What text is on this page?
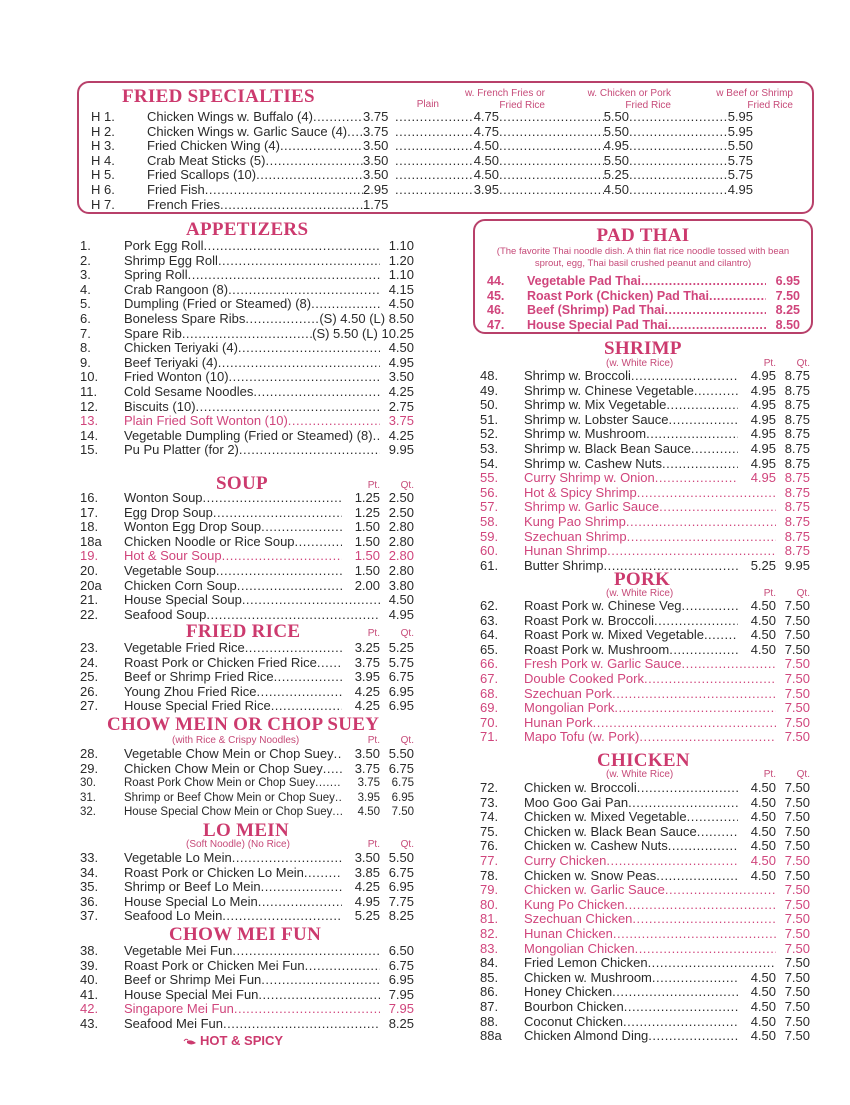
FRIED SPECIALTIES	Plain
w. French Fries or Fried Rice
w. Chicken or Pork Fried Rice
w Beef or Shrimp Fried Rice
H 1.	Chicken Wings w. Buffalo (4) .....	3.75 .....	4.75 .....	5.50 .....	5.95
H 2.	Chicken Wings w. Garlic Sauce (4) ..... 3.75 .....	4.75 .....	5.50 .....	5.95
H 3.	Fried Chicken Wing (4) .....	3.50 .....	4.50 .....	4.95 .....	5.50
H 4.	Crab Meat Sticks (5) .....	3.50 .....	4.50 .....	5.50 .....	5.75
H 5.	Fried Scallops (10) .....	3.50 .....	4.50 .....	5.25 .....	5.75
H 6.	Fried Fish .....	2.95 .....	3.95 .....	4.50 .....	4.95
H 7.	French Fries .....	1.75
APPETIZERS
1.	Pork Egg Roll .....	1.10
2.	Shrimp Egg Roll .....	1.20
3.	Spring Roll .....	1.10
4.	Crab Rangoon (8) .....	4.15
5.	Dumpling (Fried or Steamed) (8) .....	4.50
6.	Boneless Spare Ribs .....	(S) 4.50 (L) 8.50
7.	Spare Rib .....	(S) 5.50 (L) 10.25
8.	Chicken Teriyaki (4) .....	4.50
9.	Beef Teriyaki (4) .....	4.95
10.	Fried Wonton (10) .....	3.50
11.	Cold Sesame Noodles .....	4.25
12.	Biscuits (10) .....	2.75
13.	Plain Fried Soft Wonton (10) .....	3.75
14.	Vegetable Dumpling (Fried or Steamed) (8) .....	4.25
15.	Pu Pu Platter (for 2) .....	9.95
SOUP	Pt.	Qt.
16.	Wonton Soup .....	1.25 2.50
17.	Egg Drop Soup .....	1.25 2.50
18.	Wonton Egg Drop Soup .....	1.50 2.80
18a	Chicken Noodle or Rice Soup .....	1.50 2.80
19.	Hot & Sour Soup .....	1.50 2.80
20.	Vegetable Soup .....	1.50 2.80
20a	Chicken Corn Soup .....	2.00 3.80
21.	House Special Soup .....	4.50
22.	Seafood Soup .....	4.95
FRIED RICE	Pt.	Qt.
23.	Vegetable Fried Rice .....	3.25 5.25
24.	Roast Pork or Chicken Fried Rice .....	3.75 5.75
25.	Beef or Shrimp Fried Rice .....	3.95 6.75
26.	Young Zhou Fried Rice .....	4.25 6.95
27.	House Special Fried Rice .....	4.25 6.95
CHOW MEIN OR CHOP SUEY
(with Rice & Crispy Noodles)	Pt.	Qt.
28.	Vegetable Chow Mein or Chop Suey .....	3.50 5.50
29.	Chicken Chow Mein or Chop Suey .....	3.75 6.75
30.	Roast Pork Chow Mein or Chop Suey .....	3.75	6.75
31.	Shrimp or Beef Chow Mein or Chop Suey .....	3.95	6.95
32.	House Special Chow Mein or Chop Suey .....	4.50	7.50
LO MEIN
(Soft Noodle) (No Rice)	Pt.	Qt.
33.	Vegetable Lo Mein .....	3.50 5.50
34.	Roast Pork or Chicken Lo Mein .....	3.85 6.75
35.	Shrimp or Beef Lo Mein .....	4.25 6.95
36.	House Special Lo Mein .....	4.95 7.75
37.	Seafood Lo Mein .....	5.25 8.25
CHOW MEI FUN
38.	Vegetable Mei Fun .....	6.50
39.	Roast Pork or Chicken Mei Fun .....	6.75
40.	Beef or Shrimp Mei Fun .....	6.95
41.	House Special Mei Fun .....	7.95
42.	Singapore Mei Fun .....	7.95
43.	Seafood Mei Fun .....	8.25
HOT & SPICY
PAD THAI
(The favorite Thai noodle dish. A thin flat rice noodle tossed with bean sprout, egg, Thai basil crushed peanut and cilantro)
44.	Vegetable Pad Thai .....	6.95
45.	Roast Pork (Chicken) Pad Thai .....	7.50
46.	Beef (Shrimp) Pad Thai .....	8.25
47.	House Special Pad Thai .....	8.50
SHRIMP
(w. White Rice)	Pt.	Qt.
48.	Shrimp w. Broccoli .....	4.95 8.75
49.	Shrimp w. Chinese Vegetable .....	4.95 8.75
50.	Shrimp w. Mix Vegetable .....	4.95 8.75
51.	Shrimp w. Lobster Sauce .....	4.95 8.75
52.	Shrimp w. Mushroom .....	4.95 8.75
53.	Shrimp w. Black Bean Sauce .....	4.95 8.75
54.	Shrimp w. Cashew Nuts .....	4.95 8.75
55.	Curry Shrimp w. Onion .....	4.95 8.75
56.	Hot & Spicy Shrimp .....	8.75
57.	Shrimp w. Garlic Sauce .....	8.75
58.	Kung Pao Shrimp .....	8.75
59.	Szechuan Shrimp .....	8.75
60.	Hunan Shrimp .....	8.75
61.	Butter Shrimp .....	5.25 9.95
PORK
(w. White Rice)	Pt.	Qt.
62.	Roast Pork w. Chinese Veg .....	4.50 7.50
63.	Roast Pork w. Broccoli .....	4.50 7.50
64.	Roast Pork w. Mixed Vegetable .....	4.50 7.50
65.	Roast Pork w. Mushroom .....	4.50 7.50
66.	Fresh Pork w. Garlic Sauce .....	7.50
67.	Double Cooked Pork .....	7.50
68.	Szechuan Pork .....	7.50
69.	Mongolian Pork .....	7.50
70.	Hunan Pork .....	7.50
71.	Mapo Tofu (w. Pork) .....	7.50
CHICKEN
(w. White Rice)	Pt.	Qt.
72.	Chicken w. Broccoli .....	4.50 7.50
73.	Moo Goo Gai Pan .....	4.50 7.50
74.	Chicken w. Mixed Vegetable .....	4.50 7.50
75.	Chicken w. Black Bean Sauce .....	4.50 7.50
76.	Chicken w. Cashew Nuts .....	4.50 7.50
77.	Curry Chicken .....	4.50 7.50
78.	Chicken w. Snow Peas .....	4.50 7.50
79.	Chicken w. Garlic Sauce .....	7.50
80.	Kung Po Chicken .....	7.50
81.	Szechuan Chicken .....	7.50
82.	Hunan Chicken .....	7.50
83.	Mongolian Chicken .....	7.50
84.	Fried Lemon Chicken .....	7.50
85.	Chicken w. Mushroom .....	4.50 7.50
86.	Honey Chicken .....	4.50 7.50
87.	Bourbon Chicken .....	4.50 7.50
88.	Coconut Chicken .....	4.50 7.50
88a	Chicken Almond Ding .....	4.50 7.50
